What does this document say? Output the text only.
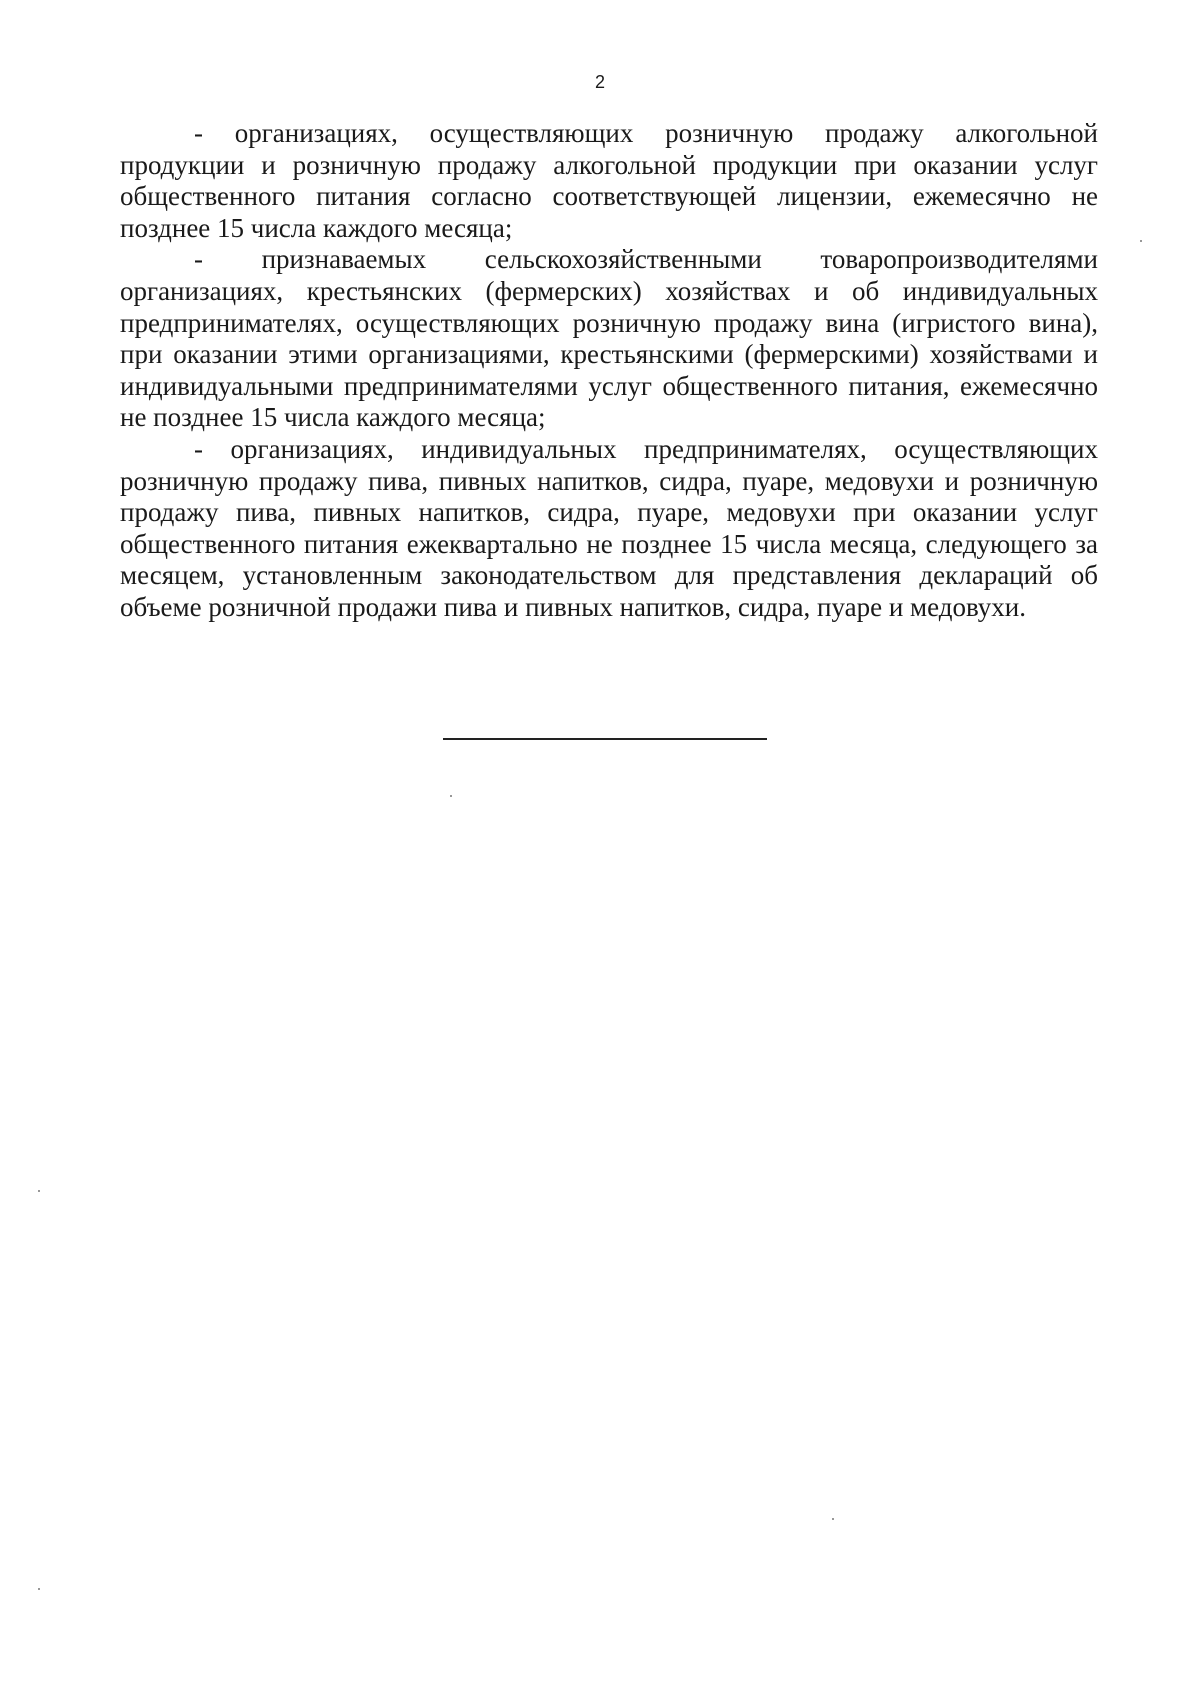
2

- организациях, осуществляющих розничную продажу алкогольной продукции и розничную продажу алкогольной продукции при оказании услуг общественного питания согласно соответствующей лицензии, ежемесячно не позднее 15 числа каждого месяца;

- признаваемых сельскохозяйственными товаропроизводителями организациях, крестьянских (фермерских) хозяйствах и об индивидуальных предпринимателях, осуществляющих розничную продажу вина (игристого вина), при оказании этими организациями, крестьянскими (фермерскими) хозяйствами и индивидуальными предпринимателями услуг общественного питания, ежемесячно не позднее 15 числа каждого месяца;

- организациях, индивидуальных предпринимателях, осуществляющих розничную продажу пива, пивных напитков, сидра, пуаре, медовухи и розничную продажу пива, пивных напитков, сидра, пуаре, медовухи при оказании услуг общественного питания ежеквартально не позднее 15 числа месяца, следующего за месяцем, установленным законодательством для представления деклараций об объеме розничной продажи пива и пивных напитков, сидра, пуаре и медовухи.
